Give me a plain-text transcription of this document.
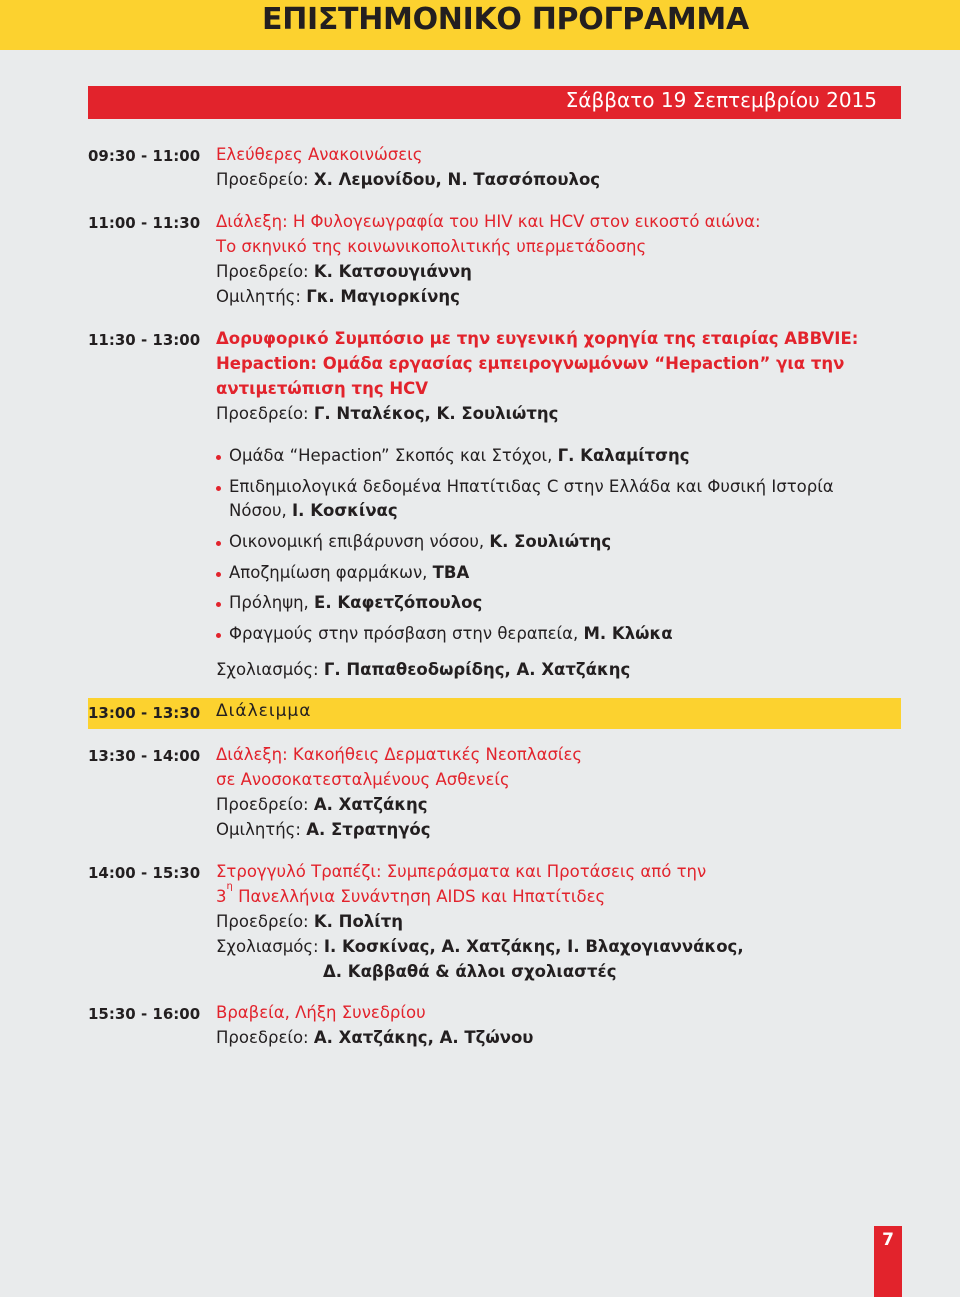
ΕΠΙΣΤΗΜΟΝΙΚΟ ΠΡΟΓΡΑΜΜΑ
Σάββατο 19 Σεπτεμβρίου 2015
09:30 - 11:00 Ελεύθερες Ανακοινώσεις
Προεδρείο: Χ. Λεμονίδου, Ν. Τασσόπουλος
11:00 - 11:30 Διάλεξη: Η Φυλογεωγραφία του HIV και HCV στον εικοστό αιώνα:
Το σκηνικό της κοινωνικοπολιτικής υπερμετάδοσης
Προεδρείο: Κ. Κατσουγιάννη
Ομιλητής: Γκ. Μαγιορκίνης
11:30 - 13:00 Δορυφορικό Συμπόσιο με την ευγενική χορηγία της εταιρίας ABBVIE:
Hepaction: Ομάδα εργασίας εμπειρογνωμόνων “Hepaction” για την
αντιμετώπιση της HCV
Προεδρείο: Γ. Νταλέκος, Κ. Σουλιώτης
Ομάδα “Hepaction” Σκοπός και Στόχοι, Γ. Καλαμίτσης
Επιδημιολογικά δεδομένα Ηπατίτιδας C στην Ελλάδα και Φυσική Ιστορία
Νόσου, Ι. Κοσκίνας
Οικονομική επιβάρυνση νόσου, Κ. Σουλιώτης
Αποζημίωση φαρμάκων, TBA
Πρόληψη, Ε. Καφετζόπουλος
Φραγμούς στην πρόσβαση στην θεραπεία, Μ. Κλώκα
Σχολιασμός: Γ. Παπαθεοδωρίδης, Α. Χατζάκης
13:00 - 13:30 Διάλειμμα
13:30 - 14:00 Διάλεξη: Κακοήθεις Δερματικές Νεοπλασίες
σε Ανοσοκατεσταλμένους Ασθενείς
Προεδρείο: Α. Χατζάκης
Ομιλητής: Α. Στρατηγός
14:00 - 15:30 Στρογγυλό Τραπέζι: Συμπεράσματα και Προτάσεις από την
$3^\eta$ Πανελλήνια Συνάντηση AIDS και Ηπατίτιδες
Προεδρείο: Κ. Πολίτη
Σχολιασμός: Ι. Κοσκίνας, Α. Χατζάκης, Ι. Βλαχογιαννάκος,
Δ. Καββαθά & άλλοι σχολιαστές
15:30 - 16:00 Βραβεία, Λήξη Συνεδρίου
Προεδρείο: Α. Χατζάκης, Α. Τζώνου
7
